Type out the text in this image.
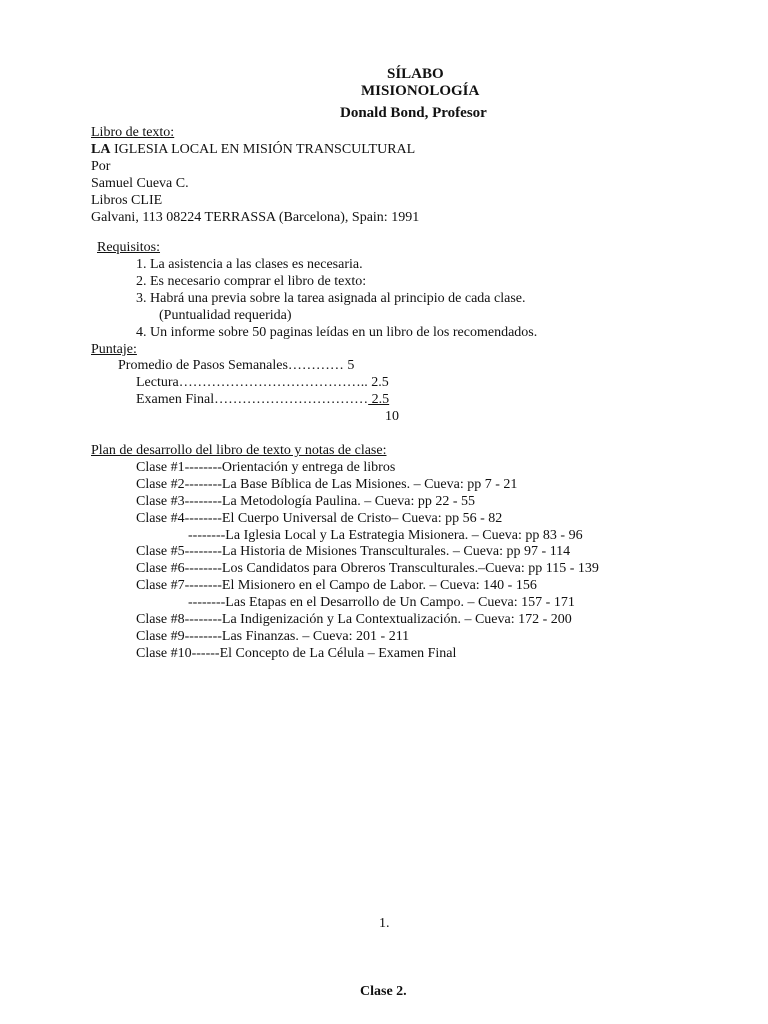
SÍLABO
MISIONOLOGÍA
Donald Bond, Profesor
Libro de texto:
LA IGLESIA LOCAL EN MISIÓN TRANSCULTURAL
Por
Samuel Cueva C.
Libros CLIE
Galvani, 113 08224 TERRASSA (Barcelona), Spain: 1991
Requisitos:
1. La asistencia a las clases es necesaria.
2. Es necesario comprar el libro de texto:
3. Habrá una previa sobre la tarea asignada al principio de cada clase.
(Puntualidad requerida)
4. Un informe sobre 50 paginas leídas en un libro de los recomendados.
Puntaje:
Promedio de Pasos Semanales………… 5
Lectura………………………………….. 2.5
Examen Final…………………………… 2.5
10
Plan de desarrollo del libro de texto y notas de clase:
Clase #1--------Orientación y entrega de libros
Clase #2--------La Base Bíblica de Las Misiones. – Cueva: pp 7 - 21
Clase #3--------La Metodología Paulina. – Cueva: pp 22 - 55
Clase #4--------El Cuerpo Universal de Cristo– Cueva: pp 56 - 82
--------La Iglesia Local y La Estrategia Misionera. – Cueva: pp 83 - 96
Clase #5--------La Historia de Misiones Transculturales. – Cueva: pp 97 - 114
Clase #6--------Los Candidatos para Obreros Transculturales.–Cueva: pp 115 - 139
Clase #7--------El Misionero en el Campo de Labor. – Cueva: 140 - 156
--------Las Etapas en el Desarrollo de Un Campo. – Cueva: 157 - 171
Clase #8--------La Indigenización y La Contextualización. – Cueva: 172 - 200
Clase #9--------Las Finanzas. – Cueva: 201 - 211
Clase #10------El Concepto de La Célula – Examen Final
1.
Clase 2.
